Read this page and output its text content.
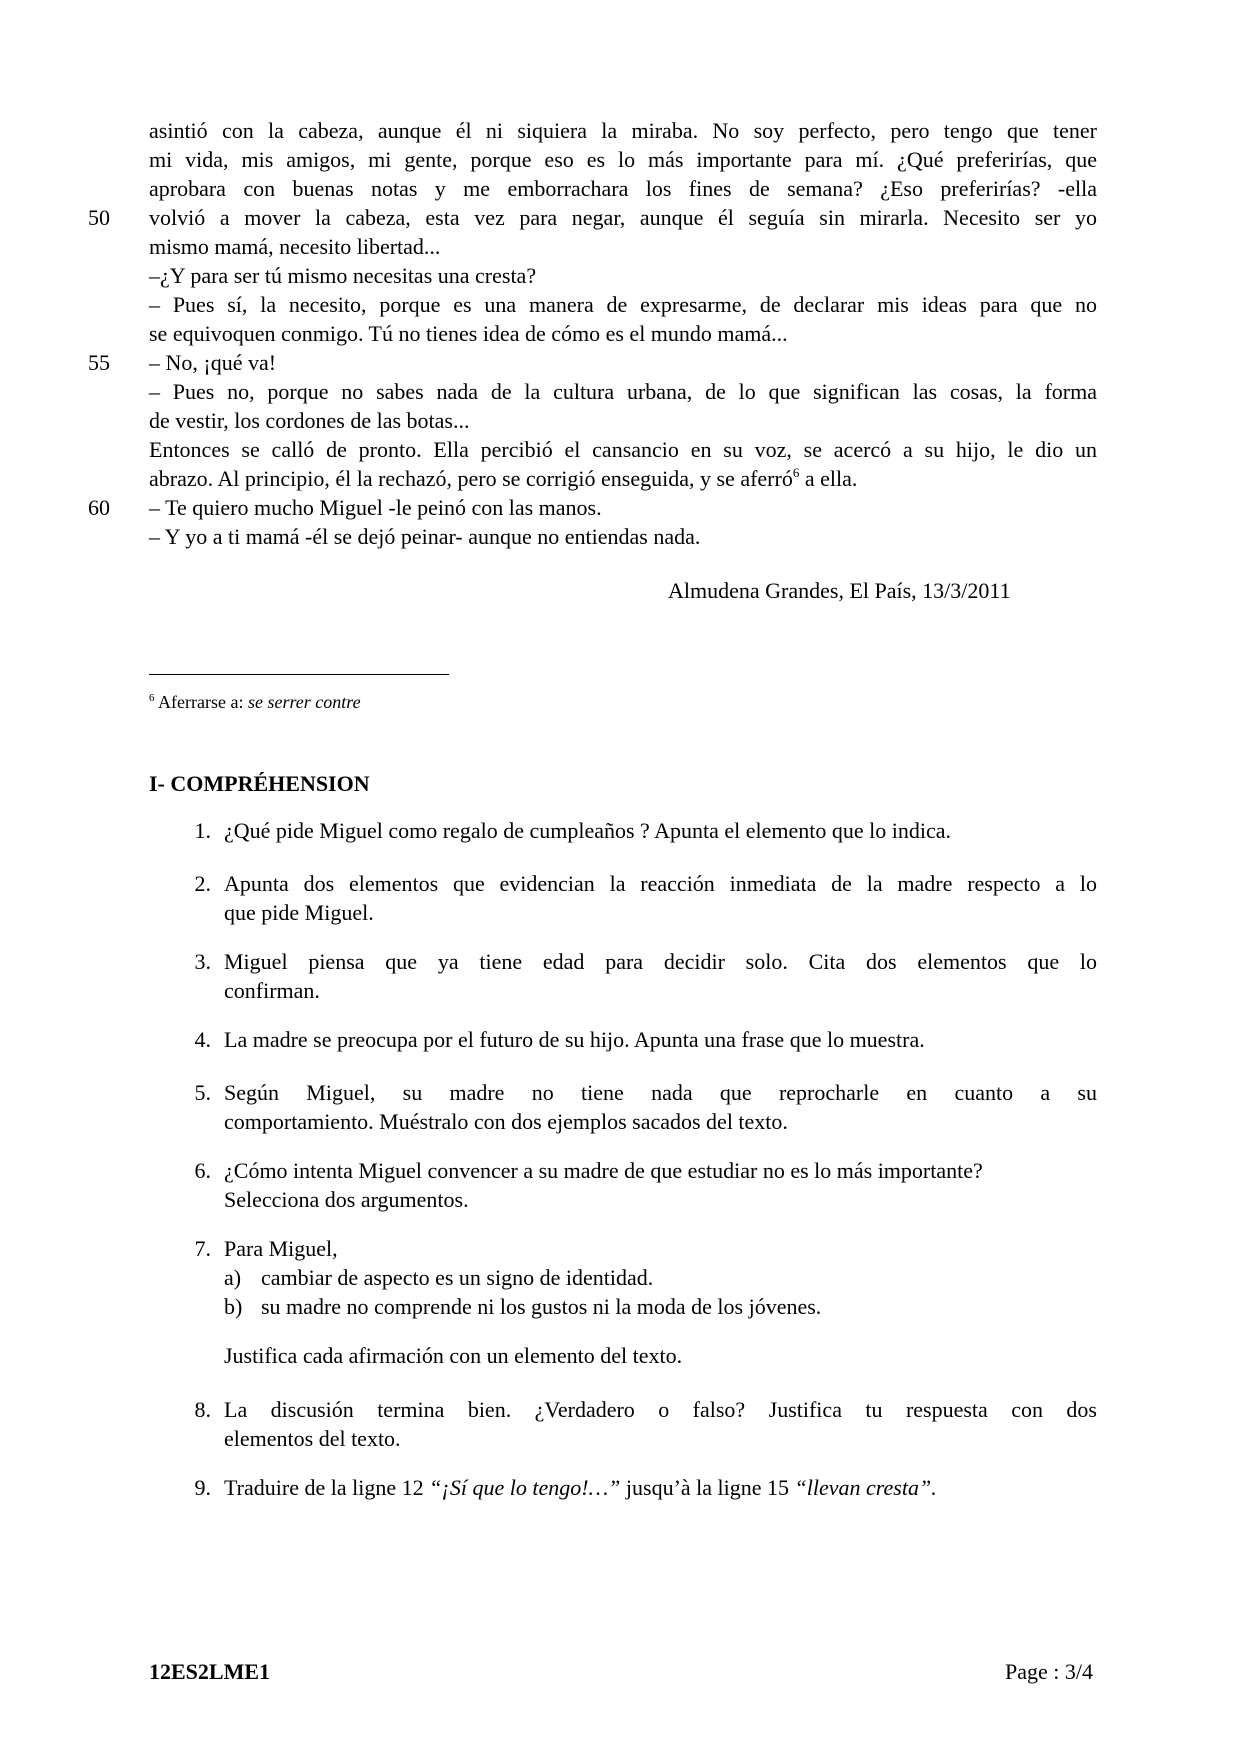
asintió con la cabeza, aunque él ni siquiera la miraba. No soy perfecto, pero tengo que tener
mi vida, mis amigos, mi gente, porque eso es lo más importante para mí. ¿Qué preferirías, que
aprobara con buenas notas y me emborrachara los fines de semana? ¿Eso preferirías? -ella
50 volvió a mover la cabeza, esta vez para negar, aunque él seguía sin mirarla. Necesito ser yo
mismo mamá, necesito libertad...
–¿Y para ser tú mismo necesitas una cresta?
– Pues sí, la necesito, porque es una manera de expresarme, de declarar mis ideas para que no
se equivoquen conmigo. Tú no tienes idea de cómo es el mundo mamá...
55 – No, ¡qué va!
– Pues no, porque no sabes nada de la cultura urbana, de lo que significan las cosas, la forma
de vestir, los cordones de las botas...
Entonces se calló de pronto. Ella percibió el cansancio en su voz, se acercó a su hijo, le dio un
abrazo. Al principio, él la rechazó, pero se corrigió enseguida, y se aferró$^6$ a ella.
60 – Te quiero mucho Miguel -le peinó con las manos.
– Y yo a ti mamá -él se dejó peinar- aunque no entiendas nada.
Almudena Grandes, El País, 13/3/2011
$^6$ Aferrarse a: se serrer contre
I- COMPRÉHENSION
1. ¿Qué pide Miguel como regalo de cumpleaños ? Apunta el elemento que lo indica.
2. Apunta dos elementos que evidencian la reacción inmediata de la madre respecto a lo
que pide Miguel.
3. Miguel piensa que ya tiene edad para decidir solo. Cita dos elementos que lo
confirman.
4. La madre se preocupa por el futuro de su hijo. Apunta una frase que lo muestra.
5. Según Miguel, su madre no tiene nada que reprocharle en cuanto a su
comportamiento. Muéstralo con dos ejemplos sacados del texto.
6. ¿Cómo intenta Miguel convencer a su madre de que estudiar no es lo más importante?
Selecciona dos argumentos.
7. Para Miguel,
a) cambiar de aspecto es un signo de identidad.
b) su madre no comprende ni los gustos ni la moda de los jóvenes.
Justifica cada afirmación con un elemento del texto.
8. La discusión termina bien. ¿Verdadero o falso? Justifica tu respuesta con dos
elementos del texto.
9. Traduire de la ligne 12 “¡Sí que lo tengo!…” jusqu’à la ligne 15 “llevan cresta”.
12ES2LME1	Page : 3/4
